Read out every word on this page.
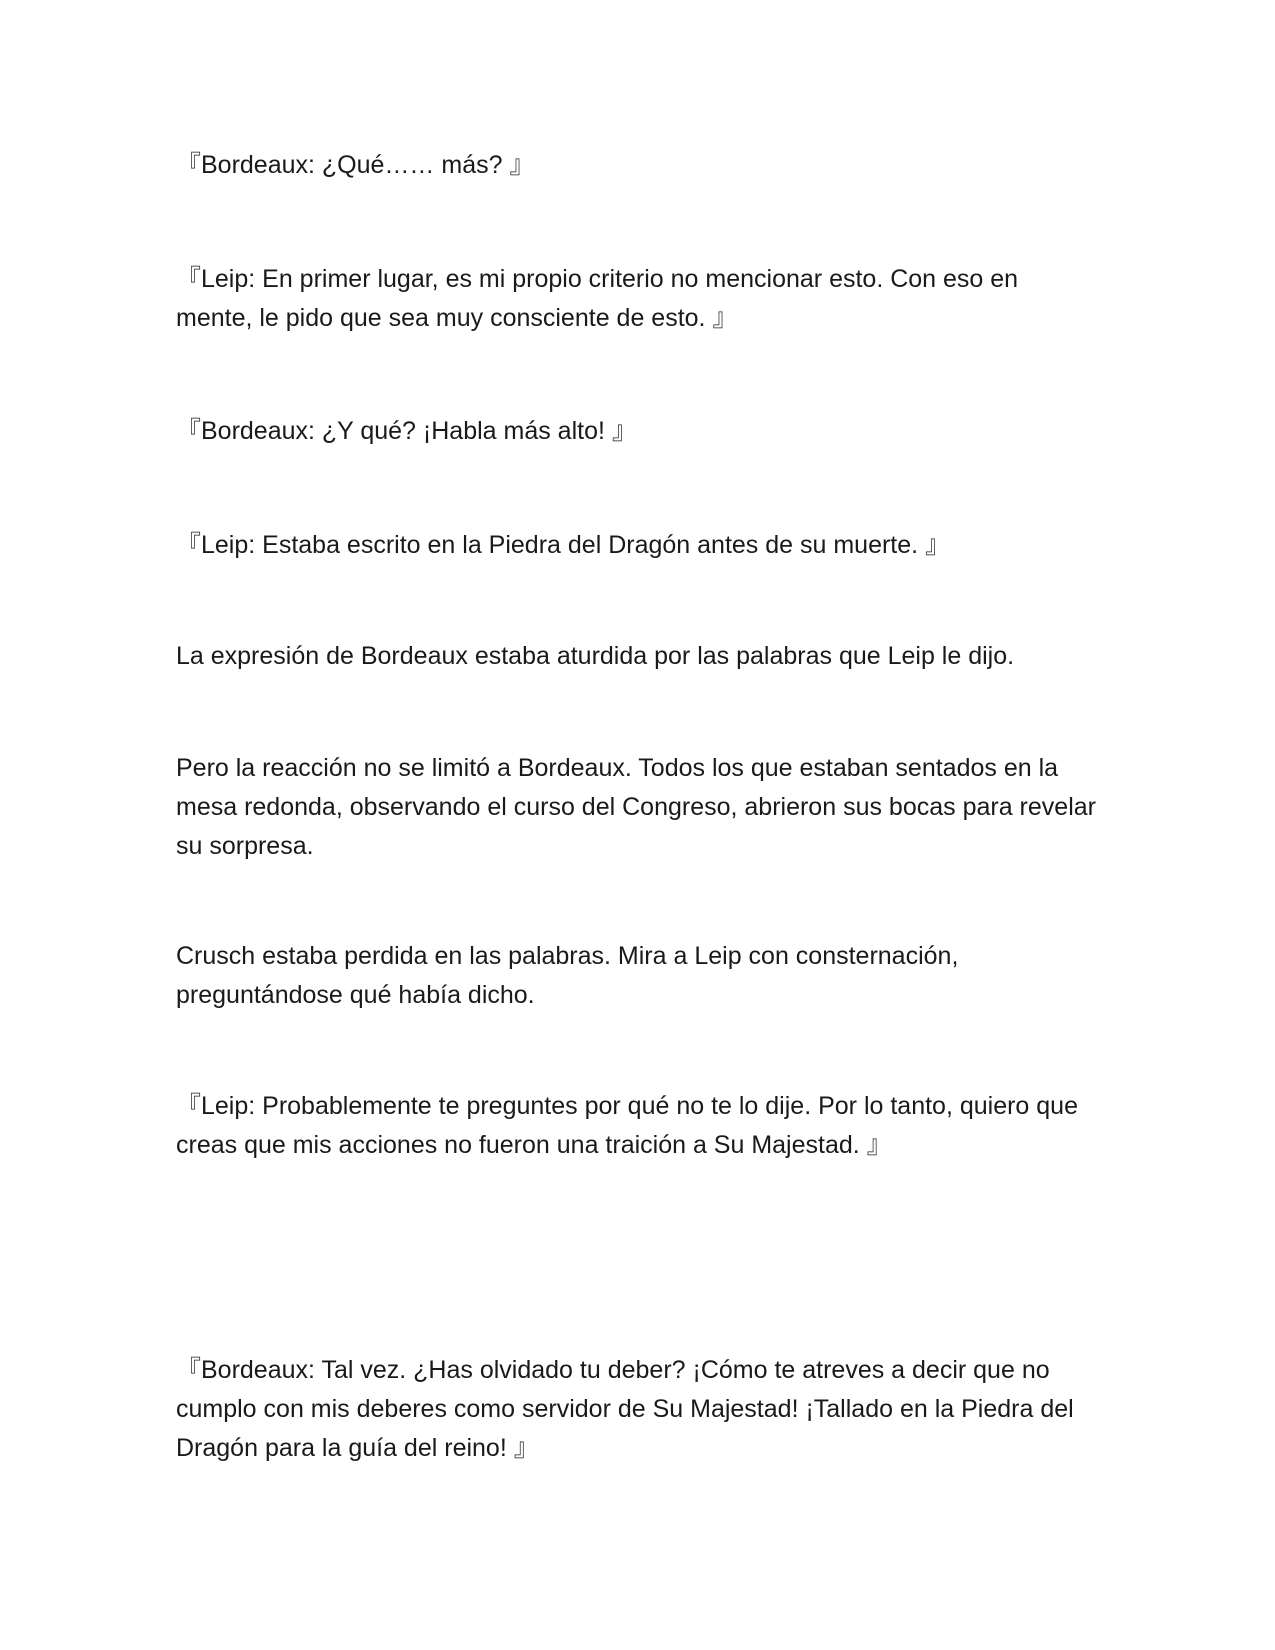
『Bordeaux: ¿Qué…… más? 』

『Leip: En primer lugar, es mi propio criterio no mencionar esto. Con eso en mente, le pido que sea muy consciente de esto. 』

『Bordeaux: ¿Y qué? ¡Habla más alto! 』

『Leip: Estaba escrito en la Piedra del Dragón antes de su muerte. 』

La expresión de Bordeaux estaba aturdida por las palabras que Leip le dijo.

Pero la reacción no se limitó a Bordeaux. Todos los que estaban sentados en la mesa redonda, observando el curso del Congreso, abrieron sus bocas para revelar su sorpresa.

Crusch estaba perdida en las palabras. Mira a Leip con consternación, preguntándose qué había dicho.

『Leip: Probablemente te preguntes por qué no te lo dije. Por lo tanto, quiero que creas que mis acciones no fueron una traición a Su Majestad. 』

『Bordeaux: Tal vez. ¿Has olvidado tu deber? ¡Cómo te atreves a decir que no cumplo con mis deberes como servidor de Su Majestad! ¡Tallado en la Piedra del Dragón para la guía del reino! 』
